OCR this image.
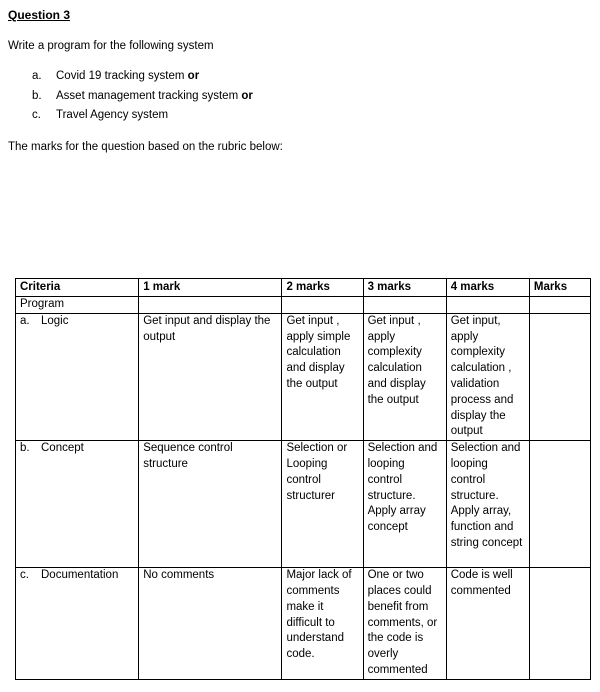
Question 3
Write a program for the following system
a. Covid 19 tracking system or
b. Asset management tracking system or
c. Travel Agency system
The marks for the question based on the rubric below:
Criteria	1 mark	2 marks	3 marks	4 marks	Marks
Program					
a. Logic	Get input and display the output	Get input , apply simple calculation and display the output	Get input , apply complexity calculation and display the output	Get input, apply complexity calculation , validation process and display the output	
b. Concept	Sequence control structure	Selection or Looping control structurer	Selection and looping control structure. Apply array concept	Selection and looping control structure. Apply array, function and string concept	
c. Documentation	No comments	Major lack of comments make it difficult to understand code.	One or two places could benefit from comments, or the code is overly commented	Code is well commented	
